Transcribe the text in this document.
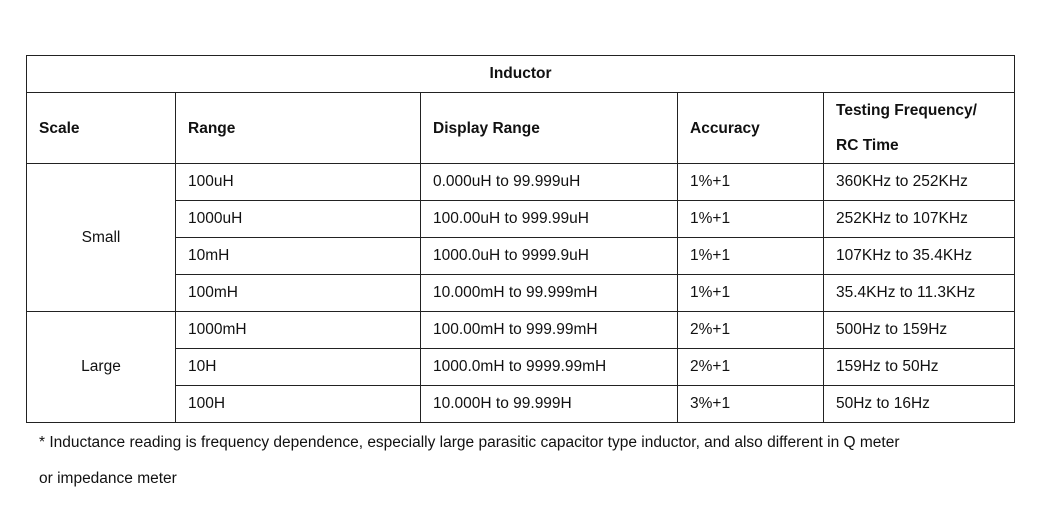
Inductor				
Scale	Range	Display Range	Accuracy	Testing Frequency/
RC Time
Small	100uH	0.000uH to 99.999uH	1%+1	360KHz to 252KHz
	1000uH	100.00uH to 999.99uH	1%+1	252KHz to 107KHz
	10mH	1000.0uH to 9999.9uH	1%+1	107KHz to 35.4KHz
	100mH	10.000mH to 99.999mH	1%+1	35.4KHz to 11.3KHz
Large	1000mH	100.00mH to 999.99mH	2%+1	500Hz to 159Hz
	10H	1000.0mH to 9999.99mH	2%+1	159Hz to 50Hz
	100H	10.000H to 99.999H	3%+1	50Hz to 16Hz
* Inductance reading is frequency dependence, especially large parasitic capacitor type inductor, and also different in Q meter
or impedance meter
